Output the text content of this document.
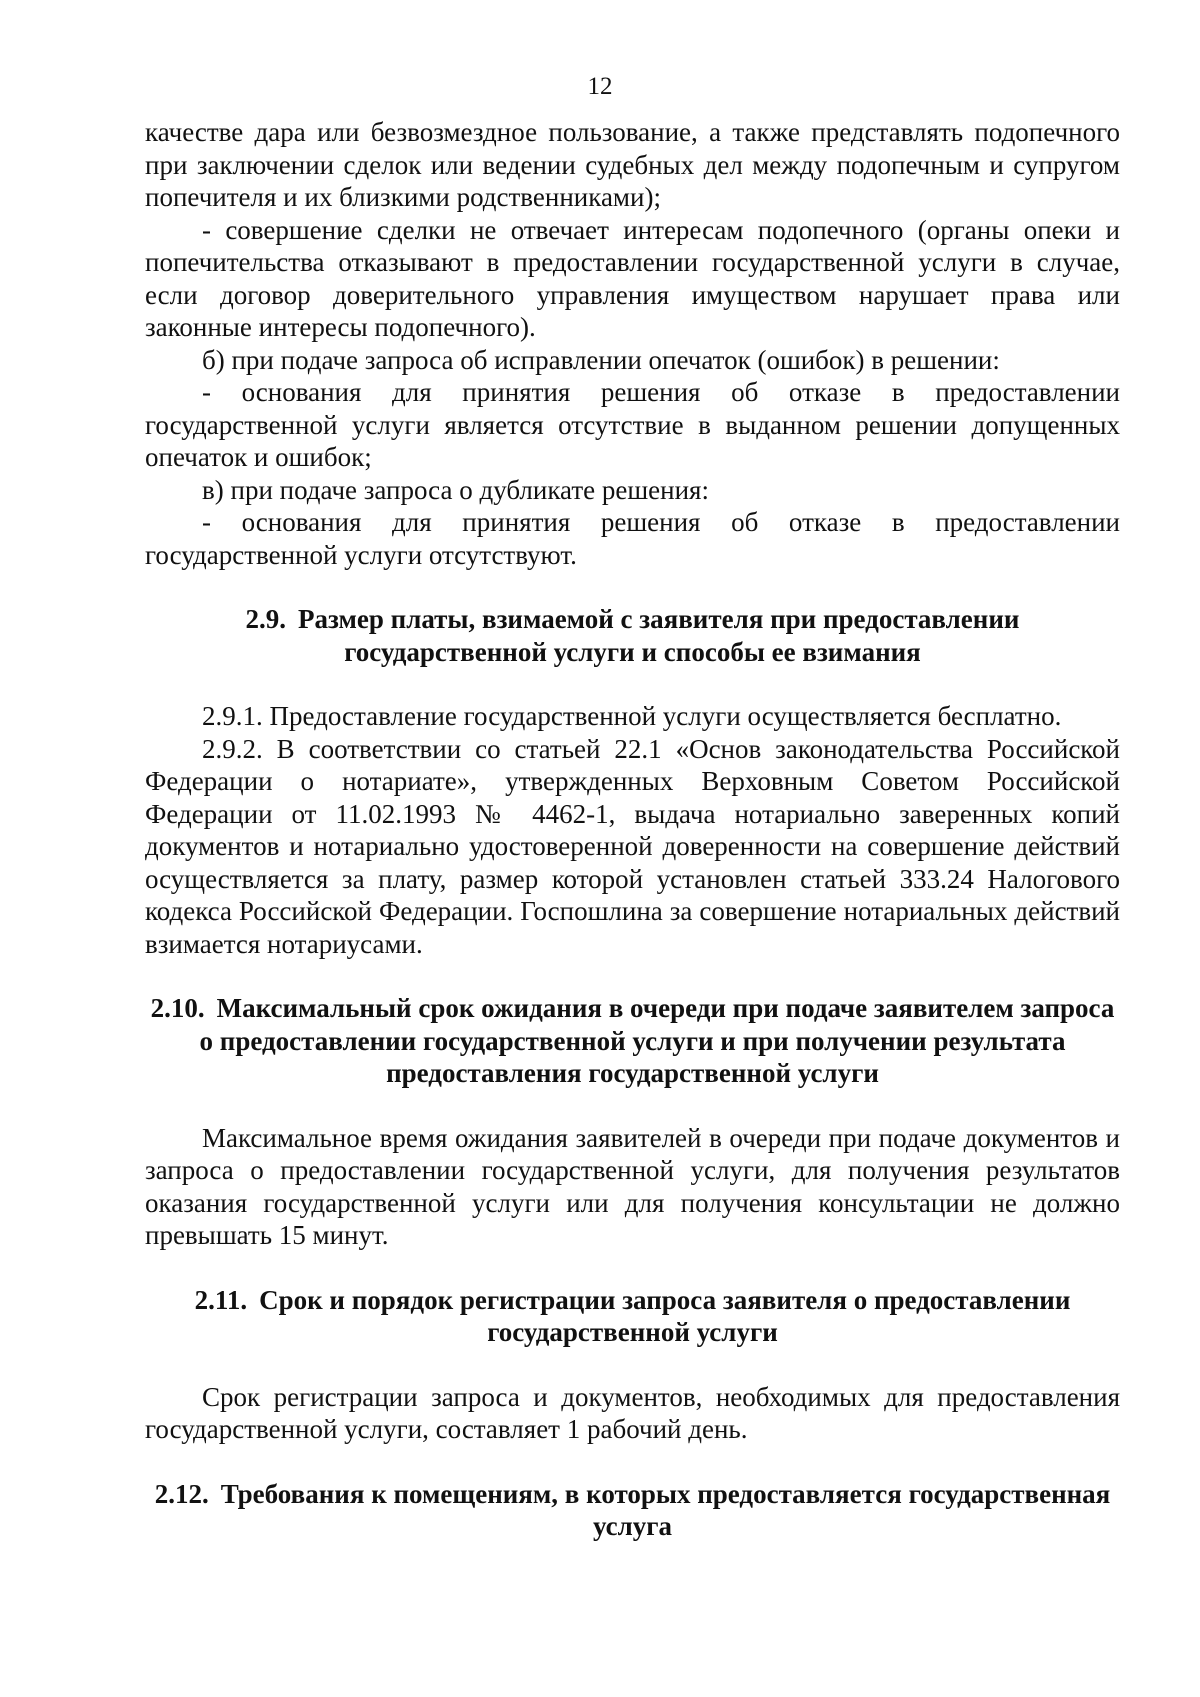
12

качестве дара или безвозмездное пользование, а также представлять подопечного при заключении сделок или ведении судебных дел между подопечным и супругом попечителя и их близкими родственниками);

- совершение сделки не отвечает интересам подопечного (органы опеки и попечительства отказывают в предоставлении государственной услуги в случае, если договор доверительного управления имуществом нарушает права или законные интересы подопечного).

б) при подаче запроса об исправлении опечаток (ошибок) в решении:

- основания для принятия решения об отказе в предоставлении государственной услуги является отсутствие в выданном решении допущенных опечаток и ошибок;

в) при подаче запроса о дубликате решения:

- основания для принятия решения об отказе в предоставлении государственной услуги отсутствуют.

2.9. Размер платы, взимаемой с заявителя при предоставлении государственной услуги и способы ее взимания

2.9.1. Предоставление государственной услуги осуществляется бесплатно.

2.9.2. В соответствии со статьей 22.1 «Основ законодательства Российской Федерации о нотариате», утвержденных Верховным Советом Российской Федерации от 11.02.1993 № 4462-1, выдача нотариально заверенных копий документов и нотариально удостоверенной доверенности на совершение действий осуществляется за плату, размер которой установлен статьей 333.24 Налогового кодекса Российской Федерации. Госпошлина за совершение нотариальных действий взимается нотариусами.

2.10. Максимальный срок ожидания в очереди при подаче заявителем запроса о предоставлении государственной услуги и при получении результата предоставления государственной услуги

Максимальное время ожидания заявителей в очереди при подаче документов и запроса о предоставлении государственной услуги, для получения результатов оказания государственной услуги или для получения консультации не должно превышать 15 минут.

2.11. Срок и порядок регистрации запроса заявителя о предоставлении государственной услуги

Срок регистрации запроса и документов, необходимых для предоставления государственной услуги, составляет 1 рабочий день.

2.12. Требования к помещениям, в которых предоставляется государственная услуга
